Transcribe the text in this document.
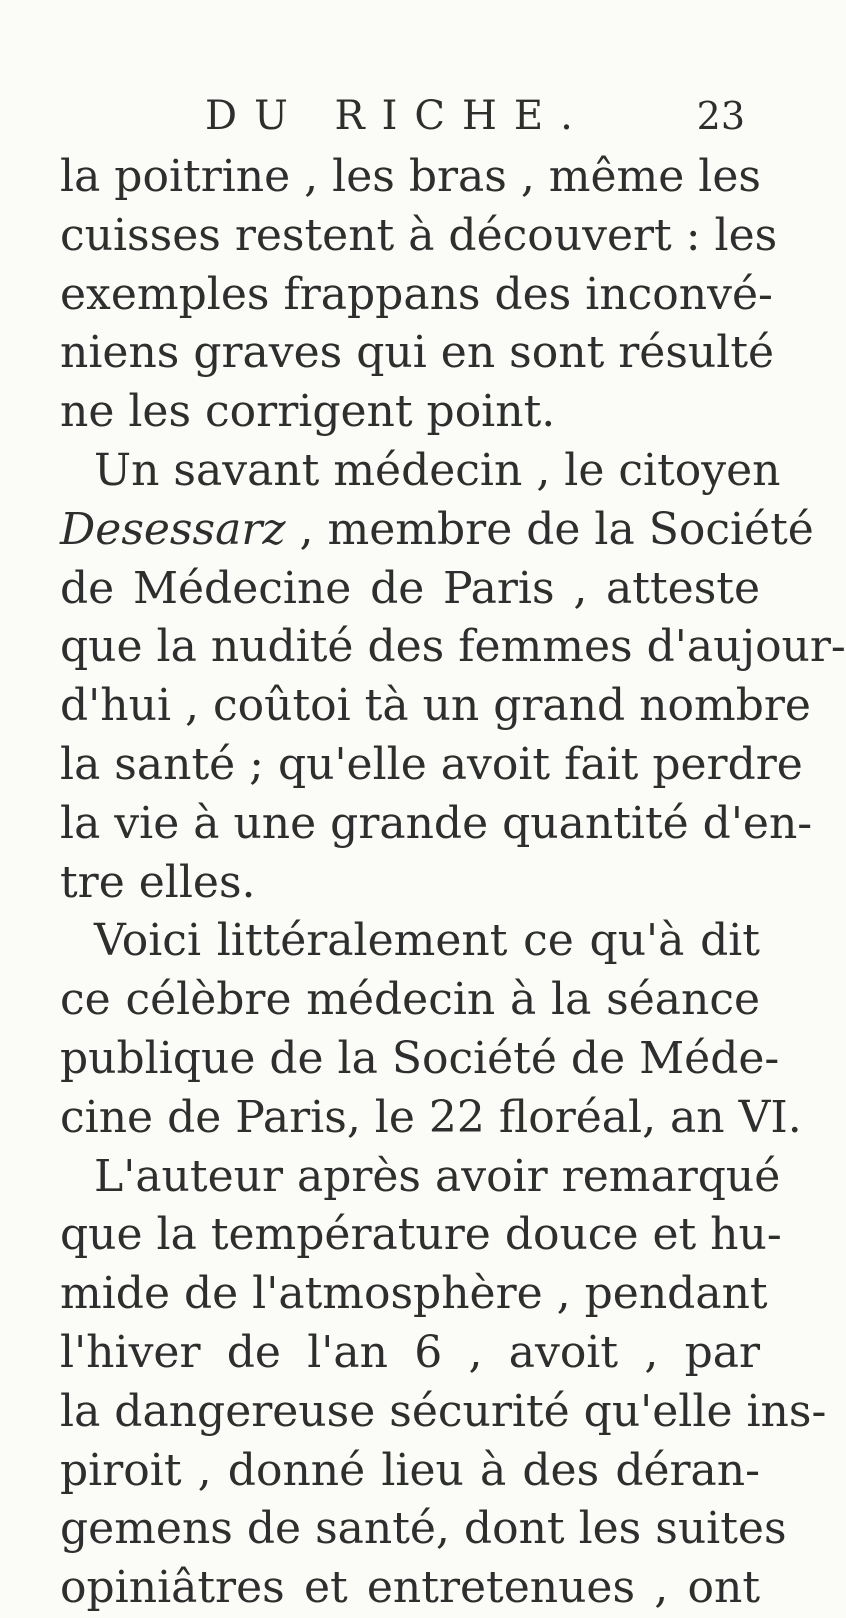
DU RICHE.	23
la poitrine , les bras , même les
cuisses restent à découvert : les
exemples frappans des inconvé-
niens graves qui en sont résulté
ne les corrigent point.
Un savant médecin , le citoyen
Desessarz , membre de la Société
de Médecine de Paris , atteste
que la nudité des femmes d'aujour-
d'hui , coûtoi tà un grand nombre
la santé ; qu'elle avoit fait perdre
la vie à une grande quantité d'en-
tre elles.
Voici littéralement ce qu'à dit
ce célèbre médecin à la séance
publique de la Société de Méde-
cine de Paris, le 22 floréal, an VI.
L'auteur après avoir remarqué
que la température douce et hu-
mide de l'atmosphère , pendant
l'hiver de l'an 6 , avoit , par
la dangereuse sécurité qu'elle ins-
piroit , donné lieu à des déran-
gemens de santé, dont les suites
opiniâtres et entretenues , ont
